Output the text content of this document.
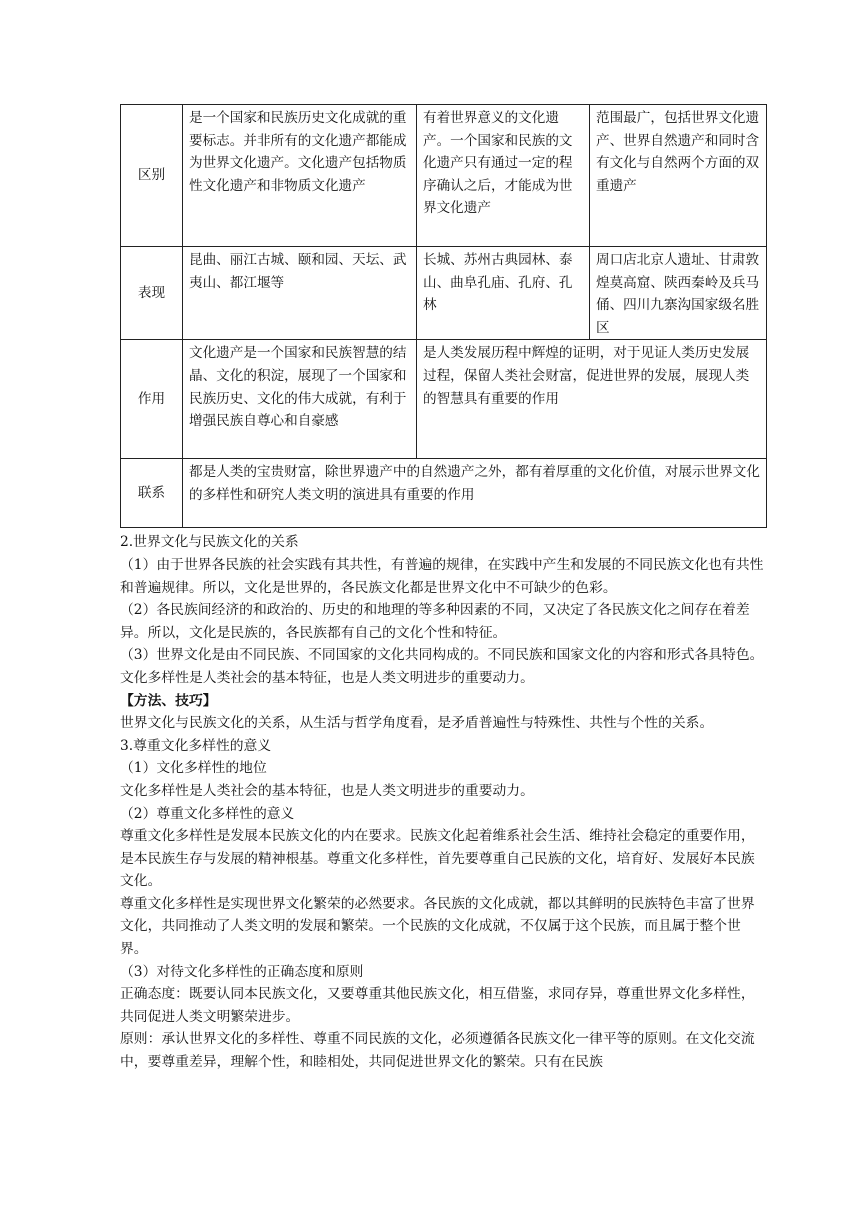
区别	是一个国家和民族历史文化成就的重要标志。并非所有的文化遗产都能成为世界文化遗产。文化遗产包括物质性文化遗产和非物质文化遗产	有着世界意义的文化遗产。一个国家和民族的文化遗产只有通过一定的程序确认之后，才能成为世界文化遗产	范围最广，包括世界文化遗产、世界自然遗产和同时含有文化与自然两个方面的双重遗产
表现	昆曲、丽江古城、颐和园、天坛、武夷山、都江堰等	长城、苏州古典园林、泰山、曲阜孔庙、孔府、孔林	周口店北京人遗址、甘肃敦煌莫高窟、陕西秦岭及兵马俑、四川九寨沟国家级名胜区
作用	文化遗产是一个国家和民族智慧的结晶、文化的积淀，展现了一个国家和民族历史、文化的伟大成就，有利于增强民族自尊心和自豪感	是人类发展历程中辉煌的证明，对于见证人类历史发展过程，保留人类社会财富，促进世界的发展，展现人类的智慧具有重要的作用	
联系	都是人类的宝贵财富，除世界遗产中的自然遗产之外，都有着厚重的文化价值，对展示世界文化的多样性和研究人类文明的演进具有重要的作用		

2.世界文化与民族文化的关系

（1）由于世界各民族的社会实践有其共性，有普遍的规律，在实践中产生和发展的不同民族文化也有共性和普遍规律。所以，文化是世界的，各民族文化都是世界文化中不可缺少的色彩。

（2）各民族间经济的和政治的、历史的和地理的等多种因素的不同，又决定了各民族文化之间存在着差异。所以，文化是民族的，各民族都有自己的文化个性和特征。

（3）世界文化是由不同民族、不同国家的文化共同构成的。不同民族和国家文化的内容和形式各具特色。文化多样性是人类社会的基本特征，也是人类文明进步的重要动力。

【方法、技巧】

世界文化与民族文化的关系，从生活与哲学角度看，是矛盾普遍性与特殊性、共性与个性的关系。

3.尊重文化多样性的意义

（1）文化多样性的地位

文化多样性是人类社会的基本特征，也是人类文明进步的重要动力。

（2）尊重文化多样性的意义

尊重文化多样性是发展本民族文化的内在要求。民族文化起着维系社会生活、维持社会稳定的重要作用，是本民族生存与发展的精神根基。尊重文化多样性，首先要尊重自己民族的文化，培育好、发展好本民族文化。

尊重文化多样性是实现世界文化繁荣的必然要求。各民族的文化成就，都以其鲜明的民族特色丰富了世界文化，共同推动了人类文明的发展和繁荣。一个民族的文化成就，不仅属于这个民族，而且属于整个世界。

（3）对待文化多样性的正确态度和原则

正确态度：既要认同本民族文化，又要尊重其他民族文化，相互借鉴，求同存异，尊重世界文化多样性，共同促进人类文明繁荣进步。

原则：承认世界文化的多样性、尊重不同民族的文化，必须遵循各民族文化一律平等的原则。在文化交流中，要尊重差异，理解个性，和睦相处，共同促进世界文化的繁荣。只有在民族
